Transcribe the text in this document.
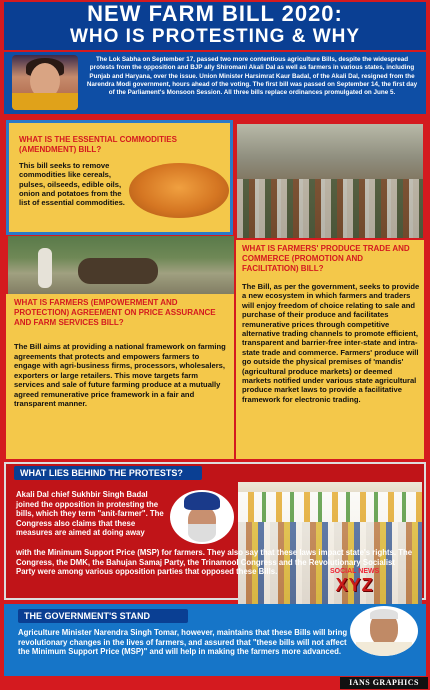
NEW FARM BILL 2020:
WHO IS PROTESTING & WHY
The Lok Sabha on September 17, passed two more contentious agriculture Bills, despite the widespread protests from the opposition and BJP ally Shiromani Akali Dal as well as farmers in various states, including Punjab and Haryana, over the issue. Union Minister Harsimrat Kaur Badal, of the Akali Dal, resigned from the Narendra Modi government, hours ahead of the voting. The first bill was passed on September 14, the first day of the Parliament's Monsoon Session. All three bills replace ordinances promulgated on June 5.
WHAT IS THE ESSENTIAL COMMODITIES (AMENDMENT) BILL?
This bill seeks to remove commodities like cereals, pulses, oilseeds, edible oils, onion and potatoes from the list of essential commodities.
WHAT IS FARMERS (EMPOWERMENT AND PROTECTION) AGREEMENT ON PRICE ASSURANCE AND FARM SERVICES BILL?
The Bill aims at providing a national framework on farming agreements that protects and empowers farmers to engage with agri-business firms, processors, wholesalers, exporters or large retailers. This move targets farm services and sale of future farming produce at a mutually agreed remunerative price framework in a fair and transparent manner.
WHAT IS FARMERS' PRODUCE TRADE AND COMMERCE (PROMOTION AND FACILITATION) BILL?
The Bill, as per the government, seeks to provide a new ecosystem in which farmers and traders will enjoy freedom of choice relating to sale and purchase of their produce and facilitates remunerative prices through competitive alternative trading channels to promote efficient, transparent and barrier-free inter-state and intra-state trade and commerce. Farmers' produce will go outside the physical premises of 'mandis' (agricultural produce markets) or deemed markets notified under various state agricultural produce market laws to provide a facilitative framework for electronic trading.
Akali Dal chief Sukhbir Singh Badal joined the opposition in protesting the bills, which they term "anit-farmer". The Congress also claims that these measures are aimed at doing away
with the Minimum Support Price (MSP) for farmers. They also say that these laws impact state's rights. The Congress, the DMK, the Bahujan Samaj Party, the Trinamool Congress and the Revolutionary Socialist Party were among various opposition parties that opposed these Bills.
WHAT LIES BEHIND THE PROTESTS?
SOCIAL NEWS
XYZ
Agriculture Minister Narendra Singh Tomar, however, maintains that these Bills will bring revolutionary changes in the lives of farmers, and assured that "these bills will not affect the Minimum Support Price (MSP)" and will help in making the farmers more advanced.
THE GOVERNMENT'S STAND
IANS GRAPHICS
